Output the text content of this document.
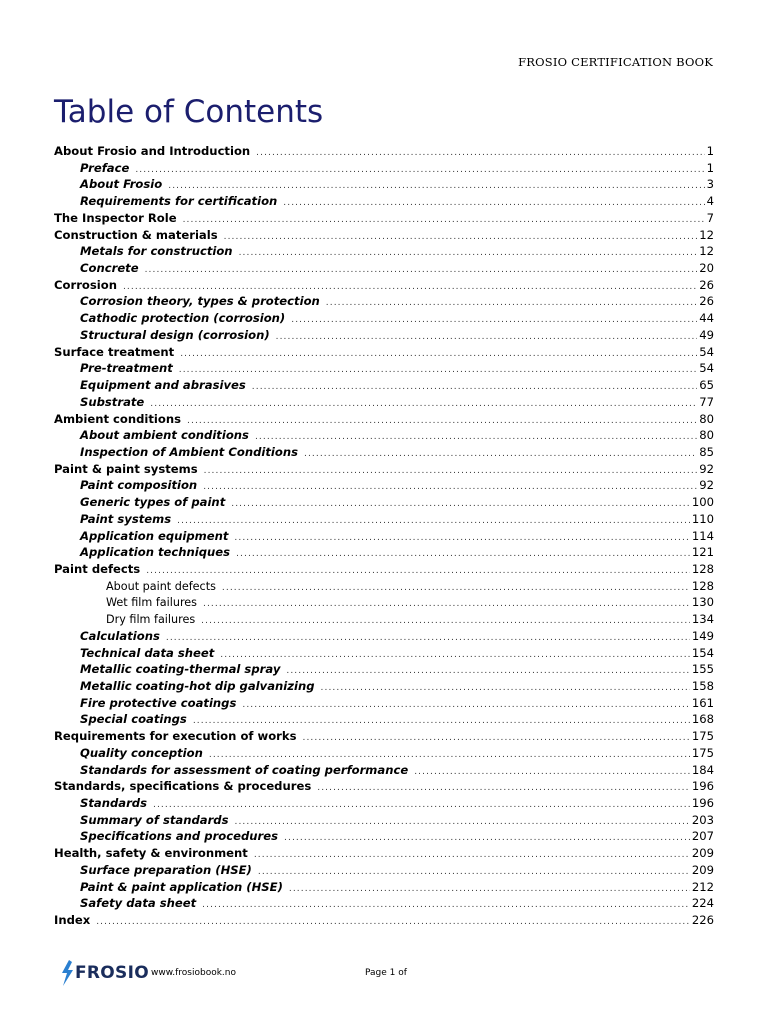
FROSIO CERTIFICATION BOOK
Table of Contents
About Frosio and Introduction .....	1
Preface .....	1
About Frosio .....	3
Requirements for certification .....	4
The Inspector Role .....	7
Construction & materials .....	12
Metals for construction .....	12
Concrete .....	20
Corrosion .....	26
Corrosion theory, types & protection .....	26
Cathodic protection (corrosion) .....	44
Structural design (corrosion) .....	49
Surface treatment .....	54
Pre-treatment .....	54
Equipment and abrasives .....	65
Substrate .....	77
Ambient conditions .....	80
About ambient conditions .....	80
Inspection of Ambient Conditions .....	85
Paint & paint systems .....	92
Paint composition .....	92
Generic types of paint .....	100
Paint systems .....	110
Application equipment .....	114
Application techniques .....	121
Paint defects .....	128
About paint defects .....	128
Wet film failures .....	130
Dry film failures .....	134
Calculations .....	149
Technical data sheet .....	154
Metallic coating-thermal spray .....	155
Metallic coating-hot dip galvanizing .....	158
Fire protective coatings .....	161
Special coatings .....	168
Requirements for execution of works .....	175
Quality conception .....	175
Standards for assessment of coating performance .....	184
Standards, specifications & procedures .....	196
Standards .....	196
Summary of standards .....	203
Specifications and procedures .....	207
Health, safety & environment .....	209
Surface preparation (HSE) .....	209
Paint & paint application (HSE) .....	212
Safety data sheet .....	224
Index .....	226
FROSIO www.frosiobook.no	Page 1 of
